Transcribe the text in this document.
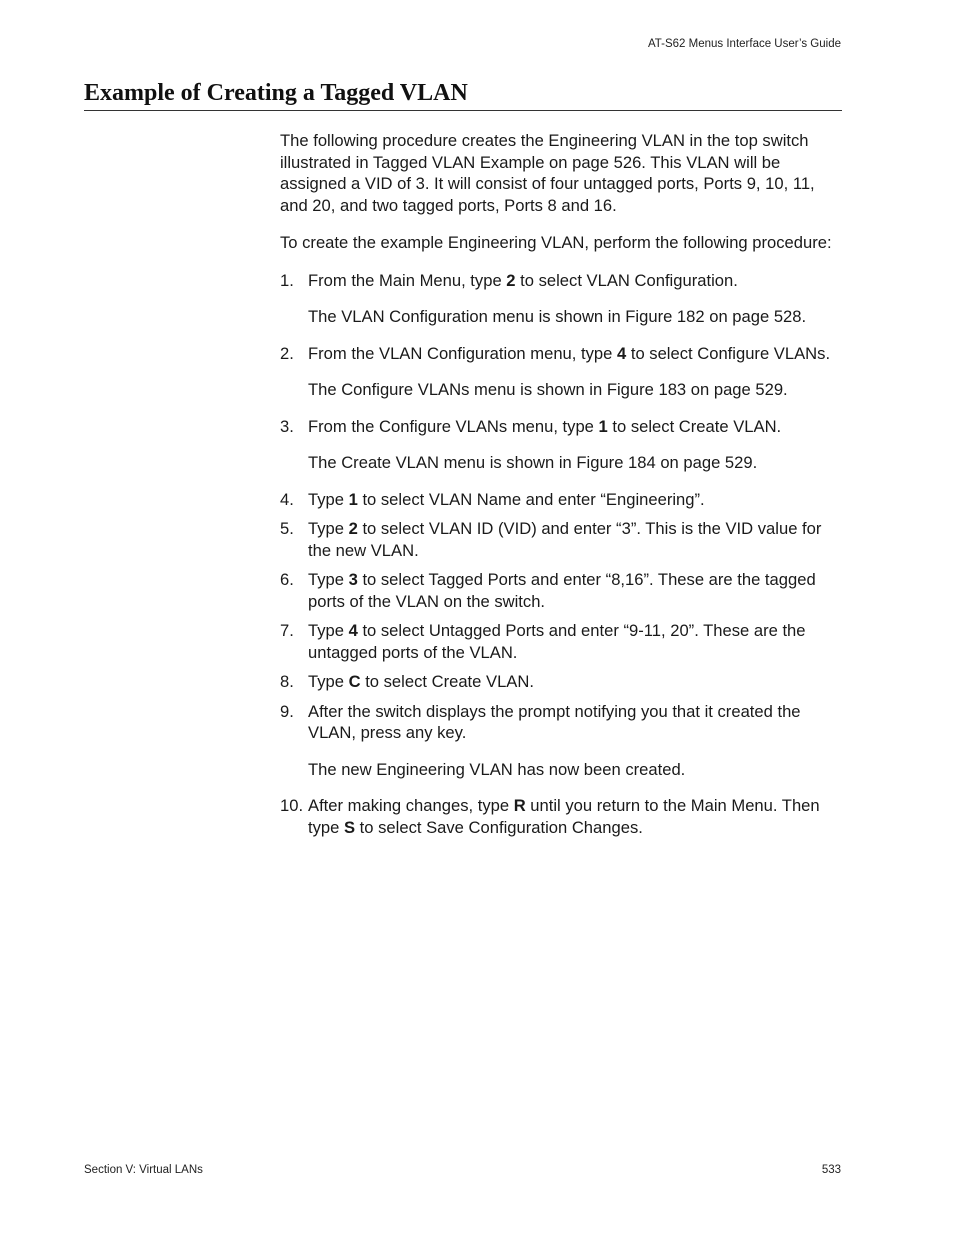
AT-S62 Menus Interface User’s Guide
Example of Creating a Tagged VLAN

The following procedure creates the Engineering VLAN in the top switch illustrated in Tagged VLAN Example on page 526. This VLAN will be assigned a VID of 3. It will consist of four untagged ports, Ports 9, 10, 11, and 20, and two tagged ports, Ports 8 and 16.

To create the example Engineering VLAN, perform the following procedure:

1. From the Main Menu, type 2 to select VLAN Configuration.

The VLAN Configuration menu is shown in Figure 182 on page 528.

2. From the VLAN Configuration menu, type 4 to select Configure VLANs.

The Configure VLANs menu is shown in Figure 183 on page 529.

3. From the Configure VLANs menu, type 1 to select Create VLAN.

The Create VLAN menu is shown in Figure 184 on page 529.

4. Type 1 to select VLAN Name and enter “Engineering”.

5. Type 2 to select VLAN ID (VID) and enter “3”. This is the VID value for the new VLAN.

6. Type 3 to select Tagged Ports and enter “8,16”. These are the tagged ports of the VLAN on the switch.

7. Type 4 to select Untagged Ports and enter “9-11, 20”. These are the untagged ports of the VLAN.

8. Type C to select Create VLAN.

9. After the switch displays the prompt notifying you that it created the VLAN, press any key.

The new Engineering VLAN has now been created.

10. After making changes, type R until you return to the Main Menu. Then type S to select Save Configuration Changes.

Section V: Virtual LANs	533
